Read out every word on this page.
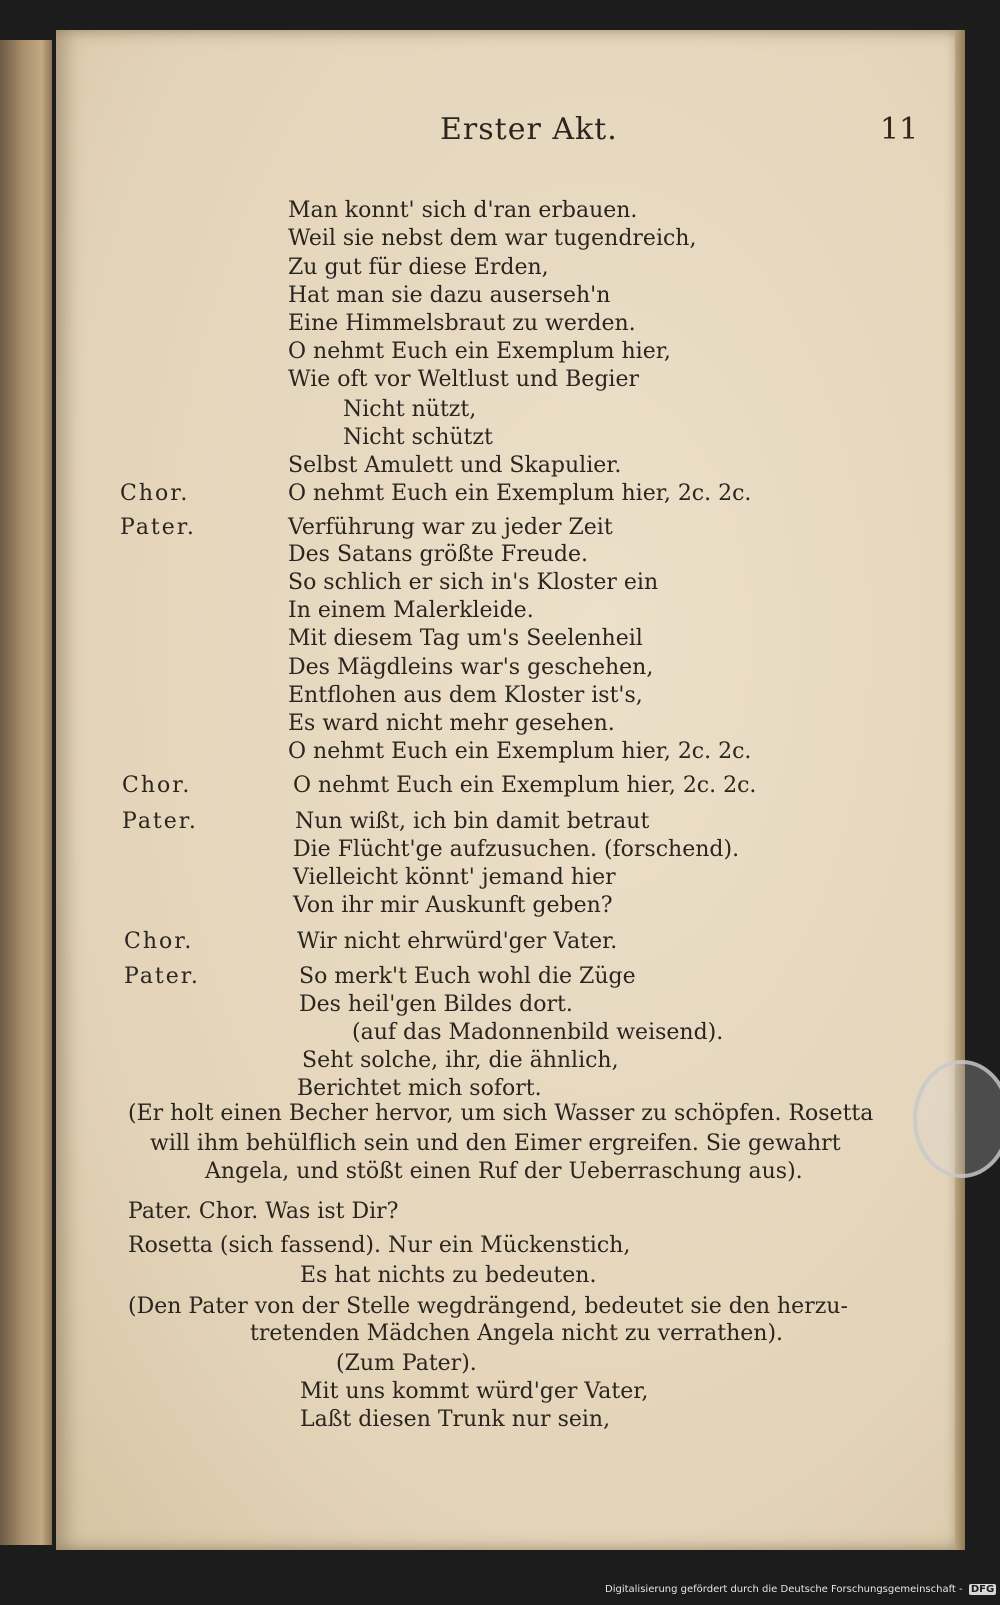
Erster Akt.	11
Man konnt' sich d'ran erbauen.
Weil sie nebst dem war tugendreich,
Zu gut für diese Erden,
Hat man sie dazu auserseh'n
Eine Himmelsbraut zu werden.
O nehmt Euch ein Exemplum hier,
Wie oft vor Weltlust und Begier
Nicht nützt,
Nicht schützt
Selbst Amulett und Skapulier.
Chor.	O nehmt Euch ein Exemplum hier, 2c. 2c.
Pater.	Verführung war zu jeder Zeit
Des Satans größte Freude.
So schlich er sich in's Kloster ein
In einem Malerkleide.
Mit diesem Tag um's Seelenheil
Des Mägdleins war's geschehen,
Entflohen aus dem Kloster ist's,
Es ward nicht mehr gesehen.
O nehmt Euch ein Exemplum hier, 2c. 2c.
Chor.	O nehmt Euch ein Exemplum hier, 2c. 2c.
Pater.	Nun wißt, ich bin damit betraut
Die Flücht'ge aufzusuchen. (forschend).
Vielleicht könnt' jemand hier
Von ihr mir Auskunft geben?
Chor.	Wir nicht ehrwürd'ger Vater.
Pater.	So merk't Euch wohl die Züge
Des heil'gen Bildes dort.
(auf das Madonnenbild weisend).
Seht solche, ihr, die ähnlich,
Berichtet mich sofort.
(Er holt einen Becher hervor, um sich Wasser zu schöpfen. Rosetta
will ihm behülflich sein und den Eimer ergreifen. Sie gewahrt
Angela, und stößt einen Ruf der Ueberraschung aus).
Pater. Chor. Was ist Dir?
Rosetta (sich fassend). Nur ein Mückenstich,
Es hat nichts zu bedeuten.
(Den Pater von der Stelle wegdrängend, bedeutet sie den herzu-
tretenden Mädchen Angela nicht zu verrathen).
(Zum Pater).
Mit uns kommt würd'ger Vater,
Laßt diesen Trunk nur sein,
Digitalisierung gefördert durch die Deutsche Forschungsgemeinschaft - DFG
